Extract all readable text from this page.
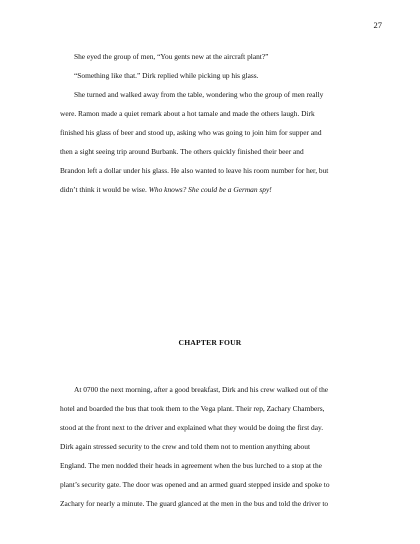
27

She eyed the group of men, “You gents new at the aircraft plant?”

“Something like that.” Dirk replied while picking up his glass.

She turned and walked away from the table, wondering who the group of men really
were. Ramon made a quiet remark about a hot tamale and made the others laugh. Dirk
finished his glass of beer and stood up, asking who was going to join him for supper and
then a sight seeing trip around Burbank. The others quickly finished their beer and
Brandon left a dollar under his glass. He also wanted to leave his room number for her, but
didn’t think it would be wise. Who knows? She could be a German spy!

CHAPTER FOUR

At 0700 the next morning, after a good breakfast, Dirk and his crew walked out of the
hotel and boarded the bus that took them to the Vega plant. Their rep, Zachary Chambers,
stood at the front next to the driver and explained what they would be doing the first day.
Dirk again stressed security to the crew and told them not to mention anything about
England. The men nodded their heads in agreement when the bus lurched to a stop at the
plant’s security gate. The door was opened and an armed guard stepped inside and spoke to
Zachary for nearly a minute. The guard glanced at the men in the bus and told the driver to
